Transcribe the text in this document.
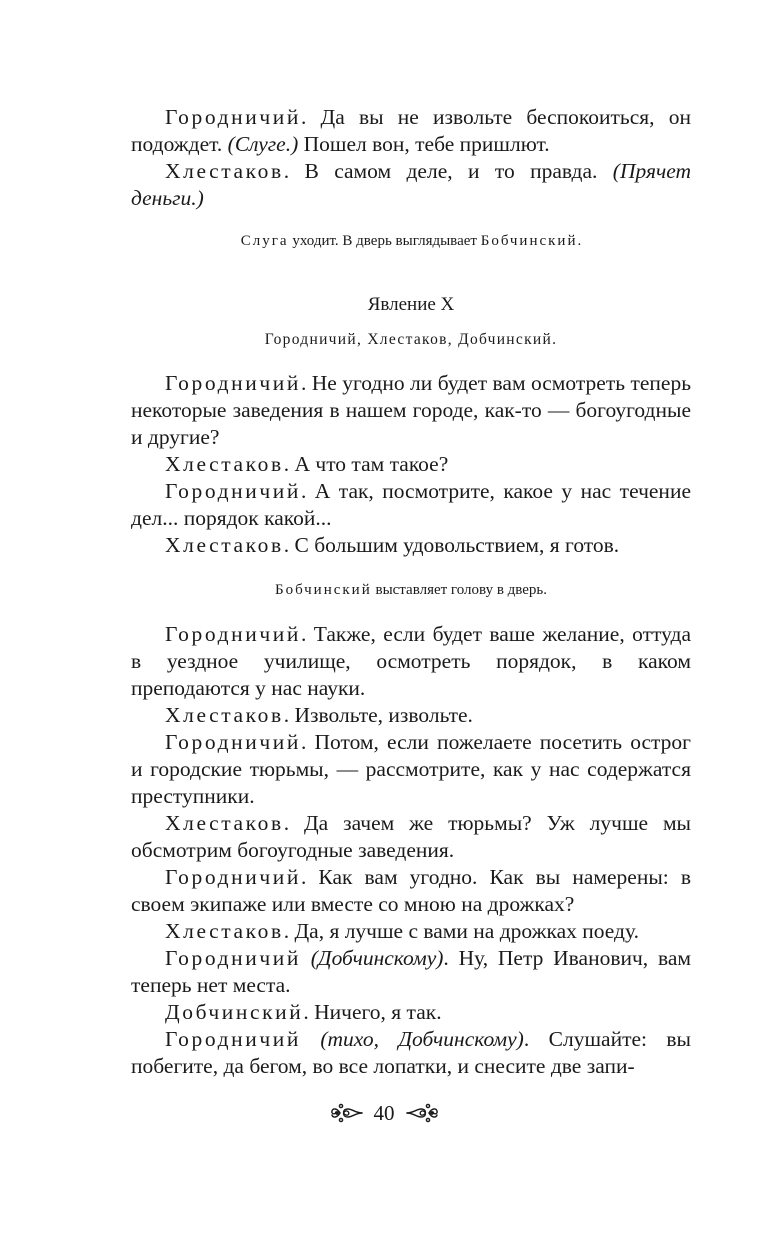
Городничий. Да вы не извольте беспокоиться, он подождет. (Слуге.) Пошел вон, тебе пришлют.

Хлестаков. В самом деле, и то правда. (Прячет деньги.)

Слуга уходит. В дверь выглядывает Бобчинский.
Явление X
Городничий, Хлестаков, Добчинский.

Городничий. Не угодно ли будет вам осмотреть теперь некоторые заведения в нашем городе, как-то — богоугодные и другие?

Хлестаков. А что там такое?

Городничий. А так, посмотрите, какое у нас течение дел... порядок какой...

Хлестаков. С большим удовольствием, я готов.

Бобчинский выставляет голову в дверь.

Городничий. Также, если будет ваше желание, оттуда в уездное училище, осмотреть порядок, в каком преподаются у нас науки.

Хлестаков. Извольте, извольте.

Городничий. Потом, если пожелаете посетить острог и городские тюрьмы, — рассмотрите, как у нас содержатся преступники.

Хлестаков. Да зачем же тюрьмы? Уж лучше мы обсмотрим богоугодные заведения.

Городничий. Как вам угодно. Как вы намерены: в своем экипаже или вместе со мною на дрожках?

Хлестаков. Да, я лучше с вами на дрожках поеду.

Городничий (Добчинскому). Ну, Петр Иванович, вам теперь нет места.

Добчинский. Ничего, я так.

Городничий (тихо, Добчинскому). Слушайте: вы побегите, да бегом, во все лопатки, и снесите две запи-

40
